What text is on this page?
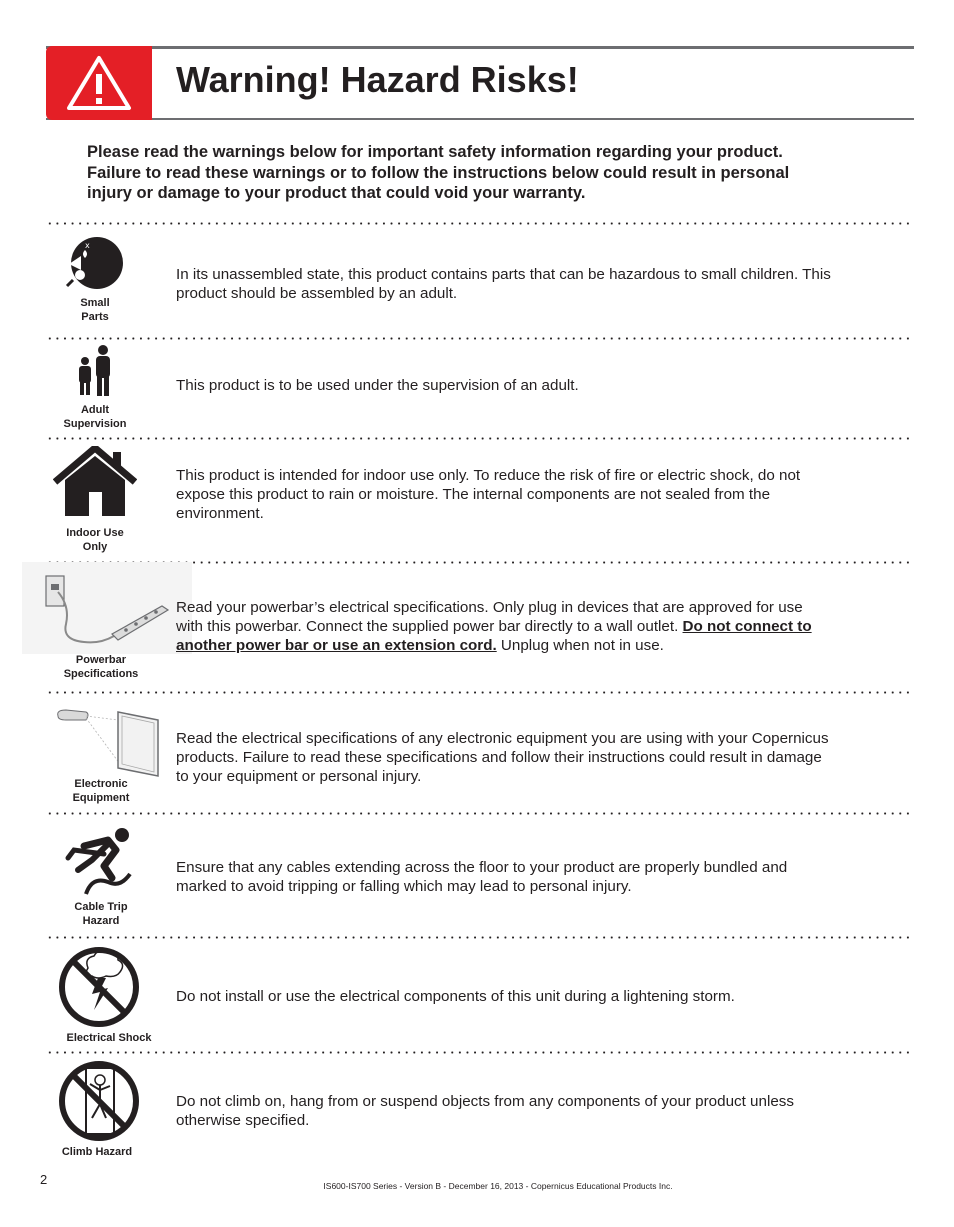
Warning! Hazard Risks!
Please read the warnings below for important safety information regarding your product.
Failure to read these warnings or to follow the instructions below could result in personal
injury or damage to your product that could void your warranty.
x
Small
Parts
In its unassembled state, this product contains parts that can be hazardous to small children. This
product should be assembled by an adult.
Adult
Supervision
This product is to be used under the supervision of an adult.
Indoor Use
Only
This product is intended for indoor use only. To reduce the risk of fire or electric shock, do not
expose this product to rain or moisture. The internal components are not sealed from the
environment.
Powerbar
Specifications
Read your powerbar’s electrical specifications. Only plug in devices that are approved for use
with this powerbar. Connect the supplied power bar directly to a wall outlet. Do not connect to
another power bar or use an extension cord. Unplug when not in use.
Electronic
Equipment
Read the electrical specifications of any electronic equipment you are using with your Copernicus
products. Failure to read these specifications and follow their instructions could result in damage
to your equipment or personal injury.
Cable Trip
Hazard
Ensure that any cables extending across the floor to your product are properly bundled and
marked to avoid tripping or falling which may lead to personal injury.
Electrical Shock
Do not install or use the electrical components of this unit during a lightening storm.
Climb Hazard
Do not climb on, hang from or suspend objects from any components of your product unless
otherwise specified.
2	IS600-IS700 Series - Version B - December 16, 2013 - Copernicus Educational Products Inc.
